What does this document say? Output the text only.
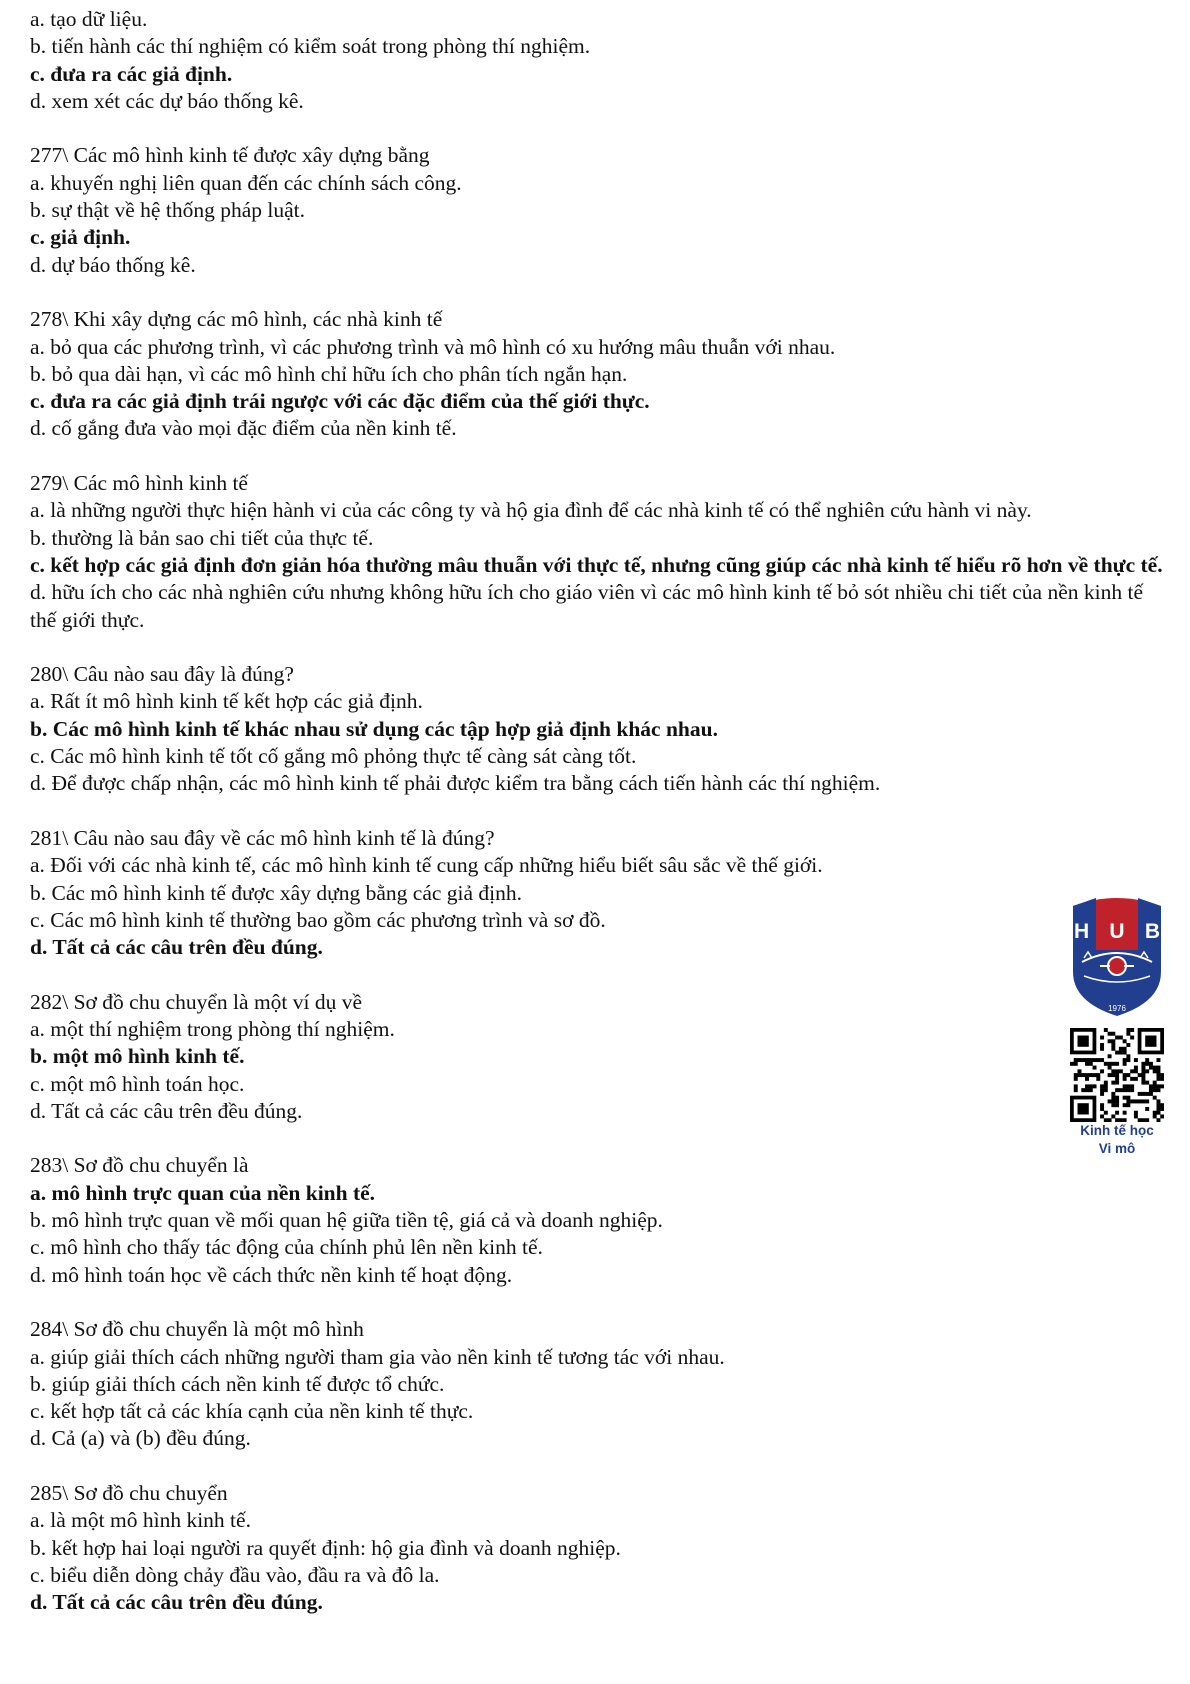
a. tạo dữ liệu.
b. tiến hành các thí nghiệm có kiểm soát trong phòng thí nghiệm.
c. đưa ra các giả định.
d. xem xét các dự báo thống kê.
277\ Các mô hình kinh tế được xây dựng bằng
a. khuyến nghị liên quan đến các chính sách công.
b. sự thật về hệ thống pháp luật.
c. giả định.
d. dự báo thống kê.
278\ Khi xây dựng các mô hình, các nhà kinh tế
a. bỏ qua các phương trình, vì các phương trình và mô hình có xu hướng mâu thuẫn với nhau.
b. bỏ qua dài hạn, vì các mô hình chỉ hữu ích cho phân tích ngắn hạn.
c. đưa ra các giả định trái ngược với các đặc điểm của thế giới thực.
d. cố gắng đưa vào mọi đặc điểm của nền kinh tế.
279\ Các mô hình kinh tế
a. là những người thực hiện hành vi của các công ty và hộ gia đình để các nhà kinh tế có thể nghiên cứu hành vi này.
b. thường là bản sao chi tiết của thực tế.
c. kết hợp các giả định đơn giản hóa thường mâu thuẫn với thực tế, nhưng cũng giúp các nhà kinh tế hiểu rõ hơn về thực tế.
d. hữu ích cho các nhà nghiên cứu nhưng không hữu ích cho giáo viên vì các mô hình kinh tế bỏ sót nhiều chi tiết của nền kinh tế thế giới thực.
280\ Câu nào sau đây là đúng?
a. Rất ít mô hình kinh tế kết hợp các giả định.
b. Các mô hình kinh tế khác nhau sử dụng các tập hợp giả định khác nhau.
c. Các mô hình kinh tế tốt cố gắng mô phỏng thực tế càng sát càng tốt.
d. Để được chấp nhận, các mô hình kinh tế phải được kiểm tra bằng cách tiến hành các thí nghiệm.
281\ Câu nào sau đây về các mô hình kinh tế là đúng?
a. Đối với các nhà kinh tế, các mô hình kinh tế cung cấp những hiểu biết sâu sắc về thế giới.
b. Các mô hình kinh tế được xây dựng bằng các giả định.
c. Các mô hình kinh tế thường bao gồm các phương trình và sơ đồ.
d. Tất cả các câu trên đều đúng.
282\ Sơ đồ chu chuyển là một ví dụ về
a. một thí nghiệm trong phòng thí nghiệm.
b. một mô hình kinh tế.
c. một mô hình toán học.
d. Tất cả các câu trên đều đúng.
283\ Sơ đồ chu chuyển là
a. mô hình trực quan của nền kinh tế.
b. mô hình trực quan về mối quan hệ giữa tiền tệ, giá cả và doanh nghiệp.
c. mô hình cho thấy tác động của chính phủ lên nền kinh tế.
d. mô hình toán học về cách thức nền kinh tế hoạt động.
284\ Sơ đồ chu chuyển là một mô hình
a. giúp giải thích cách những người tham gia vào nền kinh tế tương tác với nhau.
b. giúp giải thích cách nền kinh tế được tổ chức.
c. kết hợp tất cả các khía cạnh của nền kinh tế thực.
d. Cả (a) và (b) đều đúng.
285\ Sơ đồ chu chuyển
a. là một mô hình kinh tế.
b. kết hợp hai loại người ra quyết định: hộ gia đình và doanh nghiệp.
c. biểu diễn dòng chảy đầu vào, đầu ra và đô la.
d. Tất cả các câu trên đều đúng.
H U B
1976
Kinh tế học
Vi mô
